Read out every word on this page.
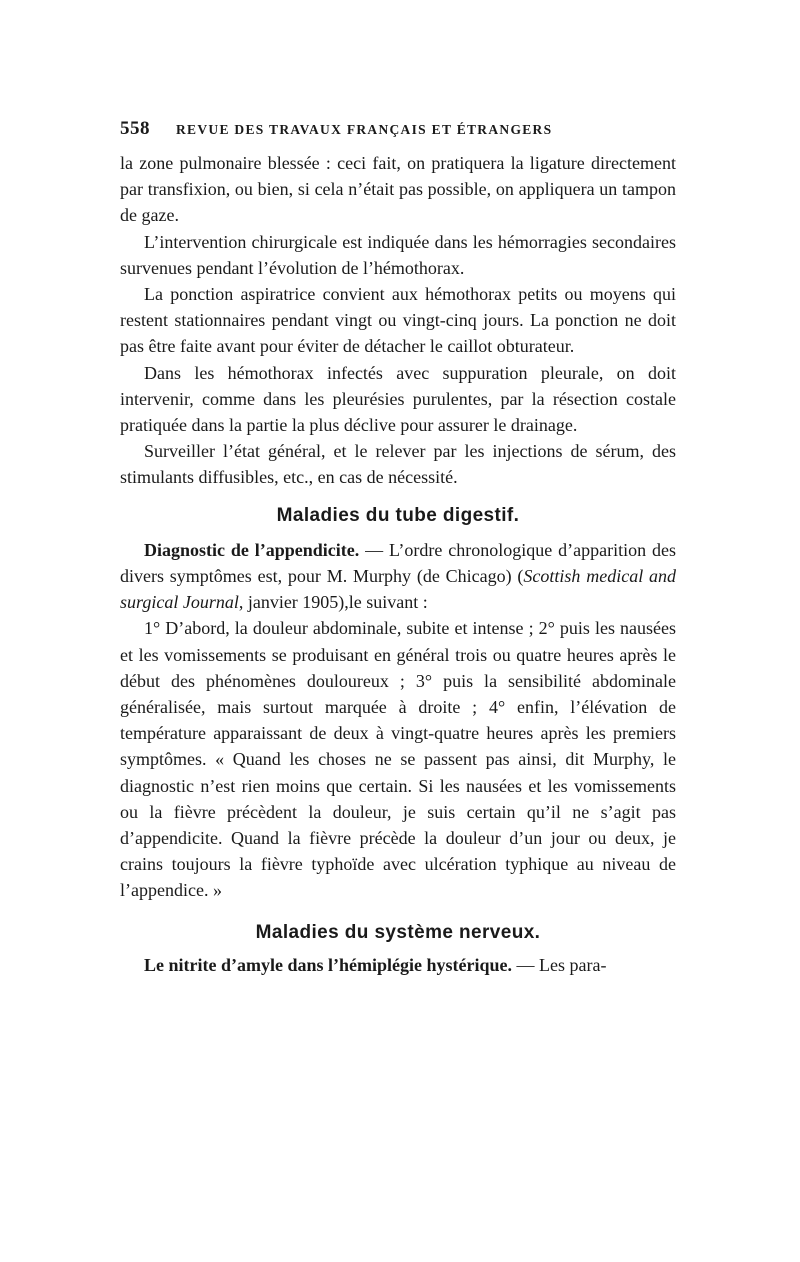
558 REVUE DES TRAVAUX FRANÇAIS ET ÉTRANGERS

la zone pulmonaire blessée : ceci fait, on pratiquera la ligature directement par transfixion, ou bien, si cela n’était pas possible, on appliquera un tampon de gaze.

L’intervention chirurgicale est indiquée dans les hémorragies secondaires survenues pendant l’évolution de l’hémothorax.

La ponction aspiratrice convient aux hémothorax petits ou moyens qui restent stationnaires pendant vingt ou vingt-cinq jours. La ponction ne doit pas être faite avant pour éviter de détacher le caillot obturateur.

Dans les hémothorax infectés avec suppuration pleurale, on doit intervenir, comme dans les pleurésies purulentes, par la résection costale pratiquée dans la partie la plus déclive pour assurer le drainage.

Surveiller l’état général, et le relever par les injections de sérum, des stimulants diffusibles, etc., en cas de nécessité.

Maladies du tube digestif.

Diagnostic de l’appendicite. — L’ordre chronologique d’apparition des divers symptômes est, pour M. Murphy (de Chicago) (Scottish medical and surgical Journal, janvier 1905),le suivant :

1° D’abord, la douleur abdominale, subite et intense ; 2° puis les nausées et les vomissements se produisant en général trois ou quatre heures après le début des phénomènes douloureux ; 3° puis la sensibilité abdominale généralisée, mais surtout marquée à droite ; 4° enfin, l’élévation de température apparaissant de deux à vingt-quatre heures après les premiers symptômes. « Quand les choses ne se passent pas ainsi, dit Murphy, le diagnostic n’est rien moins que certain. Si les nausées et les vomissements ou la fièvre précèdent la douleur, je suis certain qu’il ne s’agit pas d’appendicite. Quand la fièvre précède la douleur d’un jour ou deux, je crains toujours la fièvre typhoïde avec ulcération typhique au niveau de l’appendice. »

Maladies du système nerveux.

Le nitrite d’amyle dans l’hémiplégie hystérique. — Les para-
